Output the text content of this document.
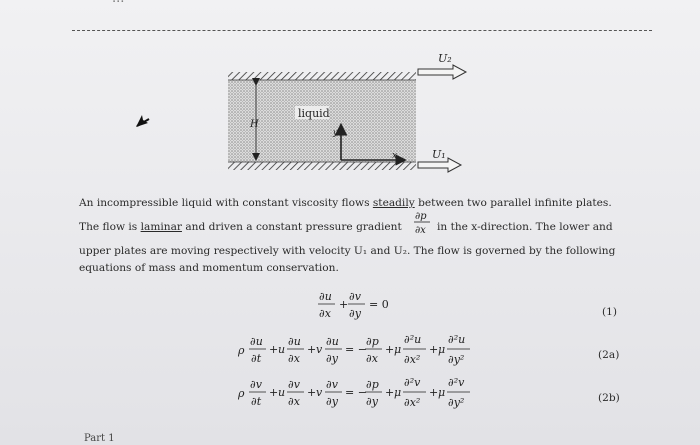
U₂
U₁
H
liquid
y
x
An incompressible liquid with constant viscosity flows steadily between two parallel infinite plates.
The flow is laminar and driven a constant pressure gradient
∂p
∂x in the x-direction. The lower and
upper plates are moving respectively with velocity U₁ and U₂. The flow is governed by the following
equations of mass and momentum conservation.
∂u
∂x
+
∂v
∂y
= 0
(1)
ρ
∂u
∂t
+ u
∂u
∂x
+ v
∂u
∂y
= −
∂p
∂x
+ μ
∂²u
∂x²
+ μ
∂²u
∂y²	(2a)
ρ
∂v
∂t
+ u
∂v
∂x
+ v
∂v
∂y
= −
∂p
∂y
+ μ
∂²v
∂x²
+ μ
∂²v
∂y²	(2b)
Part 1
